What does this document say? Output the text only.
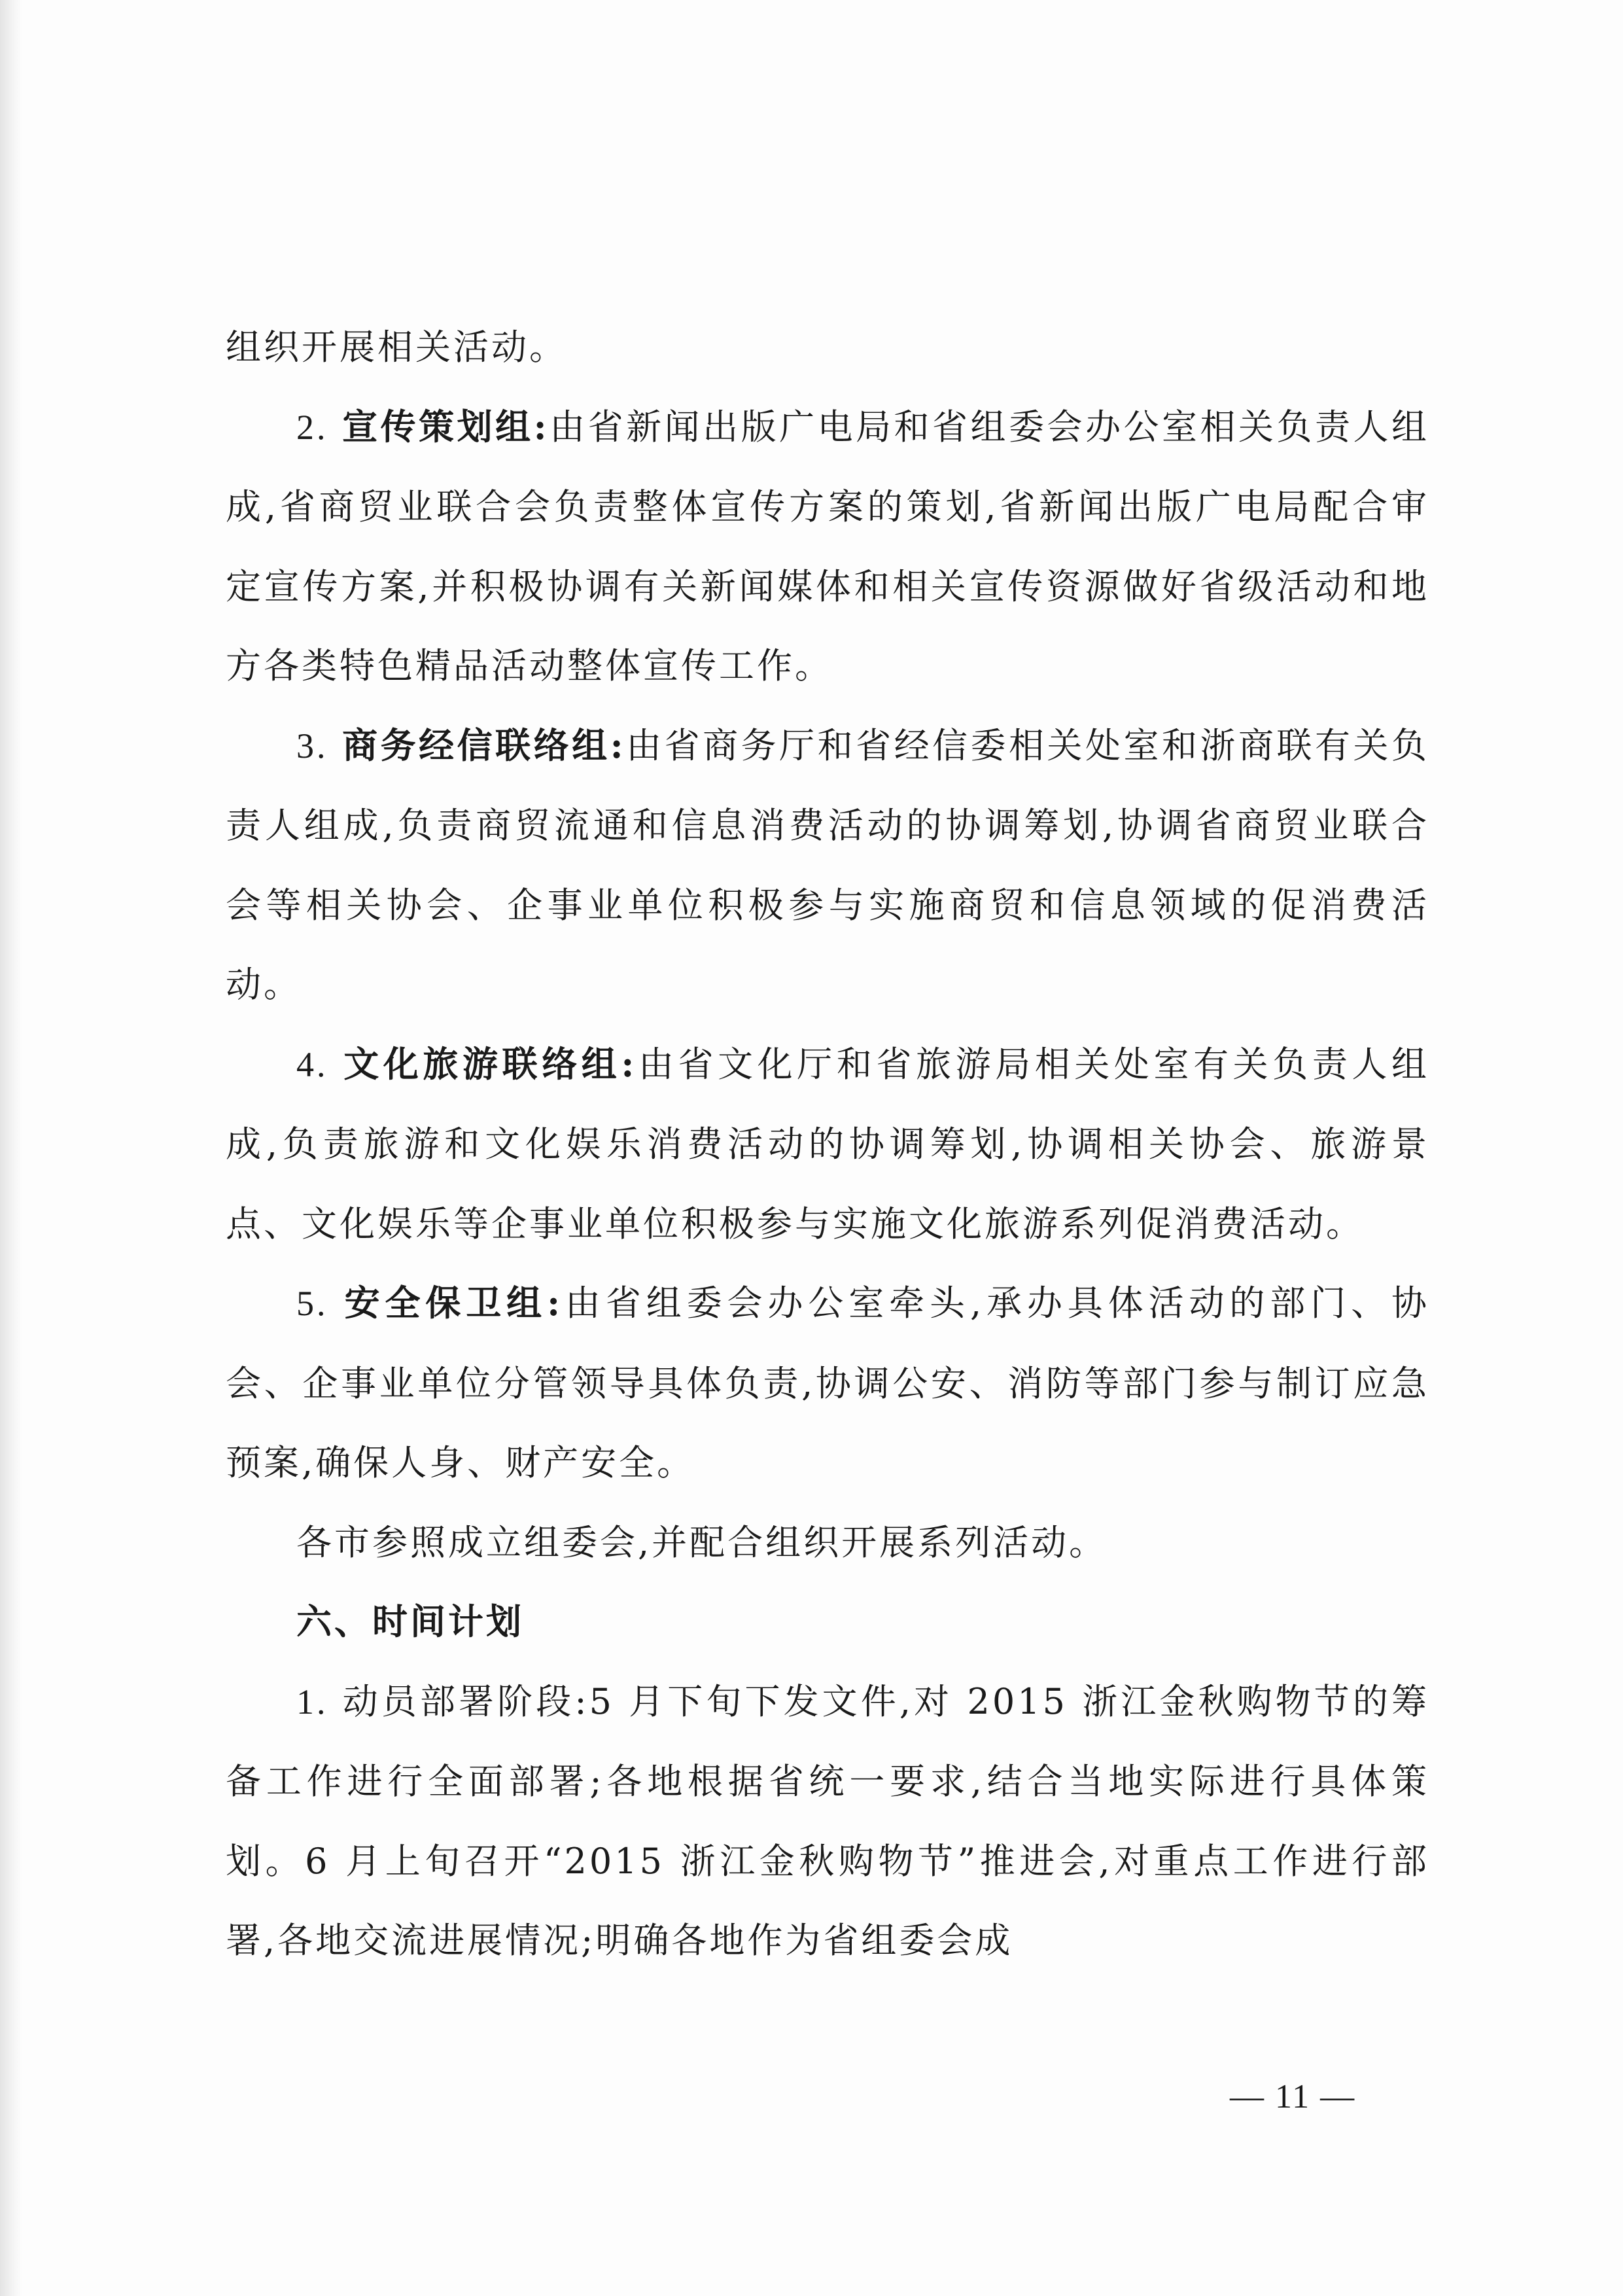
组织开展相关活动。

2. 宣传策划组:由省新闻出版广电局和省组委会办公室相关负责人组成,省商贸业联合会负责整体宣传方案的策划,省新闻出版广电局配合审定宣传方案,并积极协调有关新闻媒体和相关宣传资源做好省级活动和地方各类特色精品活动整体宣传工作。

3. 商务经信联络组:由省商务厅和省经信委相关处室和浙商联有关负责人组成,负责商贸流通和信息消费活动的协调筹划,协调省商贸业联合会等相关协会、企事业单位积极参与实施商贸和信息领域的促消费活动。

4. 文化旅游联络组:由省文化厅和省旅游局相关处室有关负责人组成,负责旅游和文化娱乐消费活动的协调筹划,协调相关协会、旅游景点、文化娱乐等企事业单位积极参与实施文化旅游系列促消费活动。

5. 安全保卫组:由省组委会办公室牵头,承办具体活动的部门、协会、企事业单位分管领导具体负责,协调公安、消防等部门参与制订应急预案,确保人身、财产安全。

各市参照成立组委会,并配合组织开展系列活动。

六、时间计划

1. 动员部署阶段:5 月下旬下发文件,对 2015 浙江金秋购物节的筹备工作进行全面部署;各地根据省统一要求,结合当地实际进行具体策划。6 月上旬召开“2015 浙江金秋购物节”推进会,对重点工作进行部署,各地交流进展情况;明确各地作为省组委会成

— 11 —
